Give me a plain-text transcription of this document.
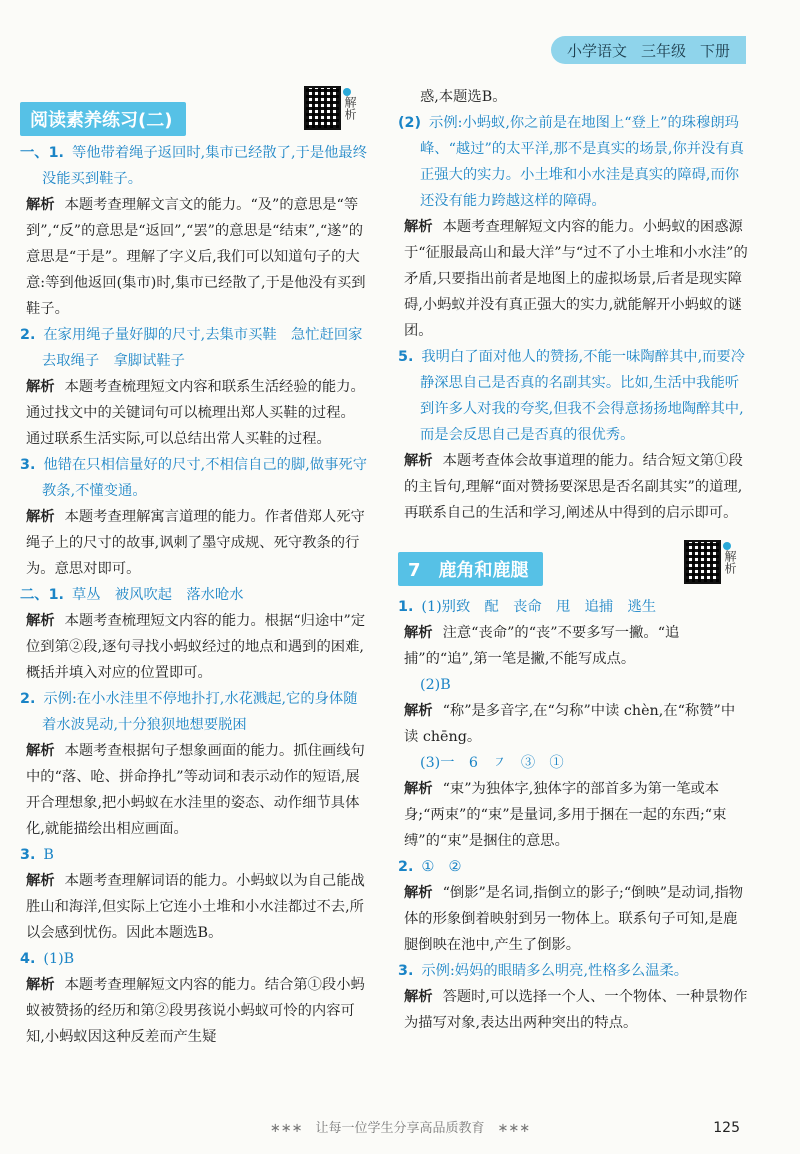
小学语文 三年级 下册
阅读素养练习(二)
解析

一、1. 等他带着绳子返回时,集市已经散了,于是他最终没能买到鞋子。

解析 本题考查理解文言文的能力。“及”的意思是“等到”,“反”的意思是“返回”,“罢”的意思是“结束”,“遂”的意思是“于是”。理解了字义后,我们可以知道句子的大意:等到他返回(集市)时,集市已经散了,于是他没有买到鞋子。

2. 在家用绳子量好脚的尺寸,去集市买鞋　急忙赶回家去取绳子　拿脚试鞋子

解析 本题考查梳理短文内容和联系生活经验的能力。通过找文中的关键词句可以梳理出郑人买鞋的过程。通过联系生活实际,可以总结出常人买鞋的过程。

3. 他错在只相信量好的尺寸,不相信自己的脚,做事死守教条,不懂变通。

解析 本题考查理解寓言道理的能力。作者借郑人死守绳子上的尺寸的故事,讽刺了墨守成规、死守教条的行为。意思对即可。

二、1. 草丛　被风吹起　落水呛水

解析 本题考查梳理短文内容的能力。根据“归途中”定位到第②段,逐句寻找小蚂蚁经过的地点和遇到的困难,概括并填入对应的位置即可。

2. 示例:在小水洼里不停地扑打,水花溅起,它的身体随着水波晃动,十分狼狈地想要脱困

解析 本题考查根据句子想象画面的能力。抓住画线句中的“落、呛、拼命挣扎”等动词和表示动作的短语,展开合理想象,把小蚂蚁在水洼里的姿态、动作细节具体化,就能描绘出相应画面。

3. B

解析 本题考查理解词语的能力。小蚂蚁以为自己能战胜山和海洋,但实际上它连小土堆和小水洼都过不去,所以会感到忧伤。因此本题选B。

4. (1)B

解析 本题考查理解短文内容的能力。结合第①段小蚂蚁被赞扬的经历和第②段男孩说小蚂蚁可怜的内容可知,小蚂蚁因这种反差而产生疑

惑,本题选B。

(2) 示例:小蚂蚁,你之前是在地图上“登上”的珠穆朗玛峰、“越过”的太平洋,那不是真实的场景,你并没有真正强大的实力。小土堆和小水洼是真实的障碍,而你还没有能力跨越这样的障碍。

解析 本题考查理解短文内容的能力。小蚂蚁的困惑源于“征服最高山和最大洋”与“过不了小土堆和小水洼”的矛盾,只要指出前者是地图上的虚拟场景,后者是现实障碍,小蚂蚁并没有真正强大的实力,就能解开小蚂蚁的谜团。

5. 我明白了面对他人的赞扬,不能一味陶醉其中,而要冷静深思自己是否真的名副其实。比如,生活中我能听到许多人对我的夸奖,但我不会得意扬扬地陶醉其中,而是会反思自己是否真的很优秀。

解析 本题考查体会故事道理的能力。结合短文第①段的主旨句,理解“面对赞扬要深思是否名副其实”的道理,再联系自己的生活和学习,阐述从中得到的启示即可。

7　鹿角和鹿腿	解析

1. (1)别致　配　丧命　甩　追捕　逃生

解析 注意“丧命”的“丧”不要多写一撇。“追捕”的“追”,第一笔是撇,不能写成点。

(2)B

解析 “称”是多音字,在“匀称”中读 chèn,在“称赞”中读 chēng。

(3)一　6　㇇　③　①

解析 “束”为独体字,独体字的部首多为第一笔或本身;“两束”的“束”是量词,多用于捆在一起的东西;“束缚”的“束”是捆住的意思。

2. ①　②

解析 “倒影”是名词,指倒立的影子;“倒映”是动词,指物体的形象倒着映射到另一物体上。联系句子可知,是鹿腿倒映在池中,产生了倒影。

3. 示例:妈妈的眼睛多么明亮,性格多么温柔。

解析 答题时,可以选择一个人、一个物体、一种景物作为描写对象,表达出两种突出的特点。

∗∗∗　让每一位学生分享高品质教育　∗∗∗	125
